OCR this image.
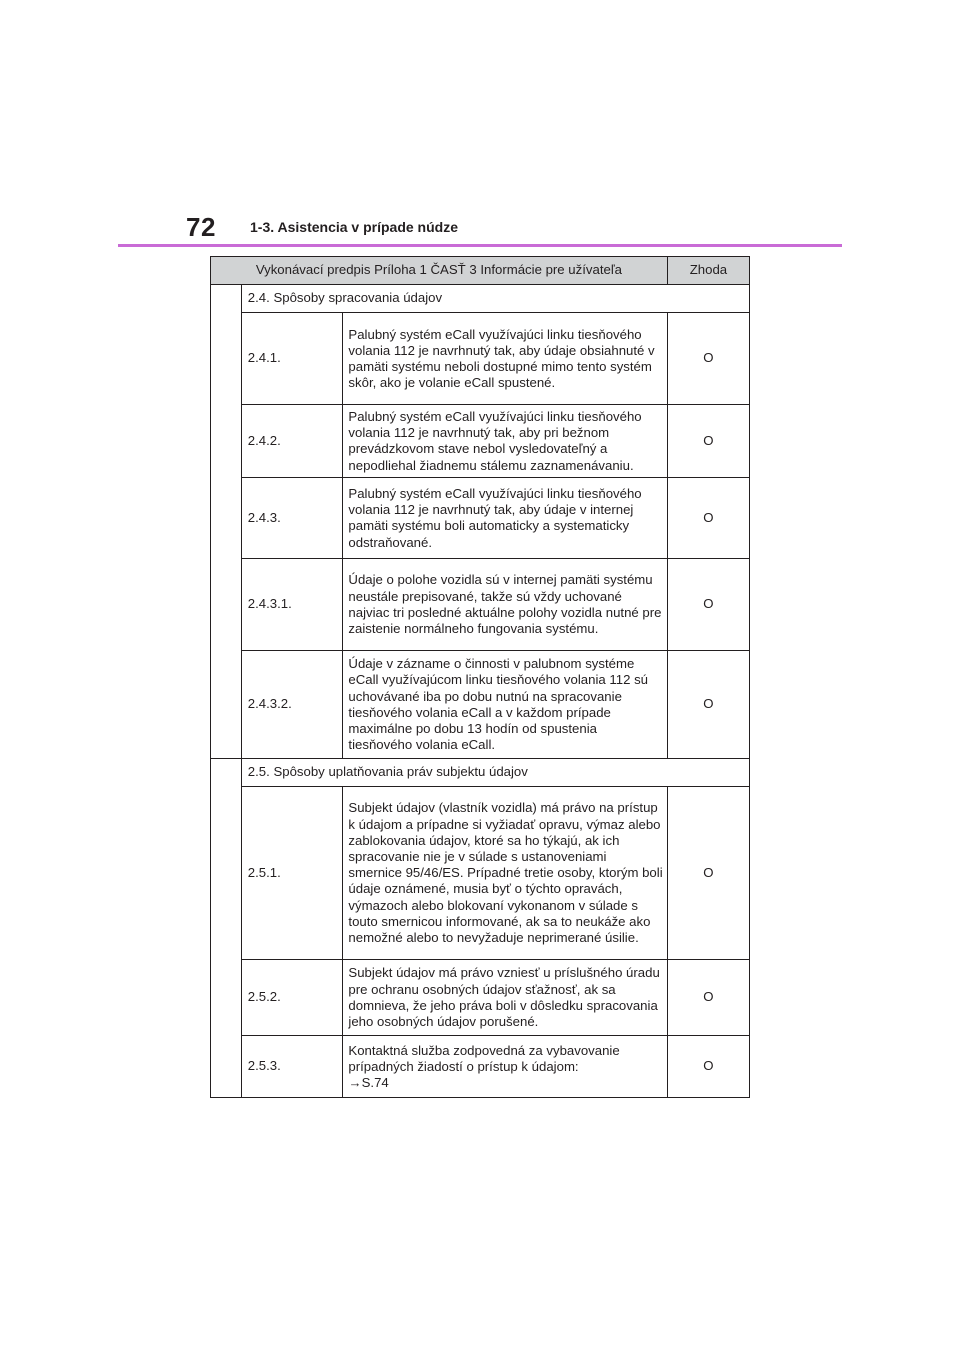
72 1-3. Asistencia v prípade núdze
Vykonávací predpis Príloha 1 ČASŤ 3 Informácie pre užívateľa			Zhoda
	2.4. Spôsoby spracovania údajov		
	2.4.1.	Palubný systém eCall využívajúci linku tiesňového volania 112 je navrhnutý tak, aby údaje obsiahnuté v pamäti systému neboli dostupné mimo tento systém skôr, ako je volanie eCall spustené.	O
	2.4.2.	Palubný systém eCall využívajúci linku tiesňového volania 112 je navrhnutý tak, aby pri bežnom prevádzkovom stave nebol vysledovateľný a nepodliehal žiadnemu stálemu zaznamenávaniu.	O
	2.4.3.	Palubný systém eCall využívajúci linku tiesňového volania 112 je navrhnutý tak, aby údaje v internej pamäti systému boli automaticky a systematicky odstraňované.	O
	2.4.3.1.	Údaje o polohe vozidla sú v internej pamäti systému neustále prepisované, takže sú vždy uchované najviac tri posledné aktuálne polohy vozidla nutné pre zaistenie normálneho fungovania systému.	O
	2.4.3.2.	Údaje v zázname o činnosti v palubnom systéme eCall využívajúcom linku tiesňového volania 112 sú uchovávané iba po dobu nutnú na spracovanie tiesňového volania eCall a v každom prípade maximálne po dobu 13 hodín od spustenia tiesňového volania eCall.	O
	2.5. Spôsoby uplatňovania práv subjektu údajov		
	2.5.1.	Subjekt údajov (vlastník vozidla) má právo na prístup k údajom a prípadne si vyžiadať opravu, výmaz alebo zablokovania údajov, ktoré sa ho týkajú, ak ich spracovanie nie je v súlade s ustanoveniami smernice 95/46/ES. Prípadné tretie osoby, ktorým boli údaje oznámené, musia byť o týchto opravách, výmazoch alebo blokovaní vykonanom v súlade s touto smernicou informované, ak sa to neukáže ako nemožné alebo to nevyžaduje neprimerané úsilie.	O
	2.5.2.	Subjekt údajov má právo vzniesť u príslušného úradu pre ochranu osobných údajov sťažnosť, ak sa domnieva, že jeho práva boli v dôsledku spracovania jeho osobných údajov porušené.	O
	2.5.3.	Kontaktná služba zodpovedná za vybavovanie prípadných žiadostí o prístup k údajom:
→S.74	O
